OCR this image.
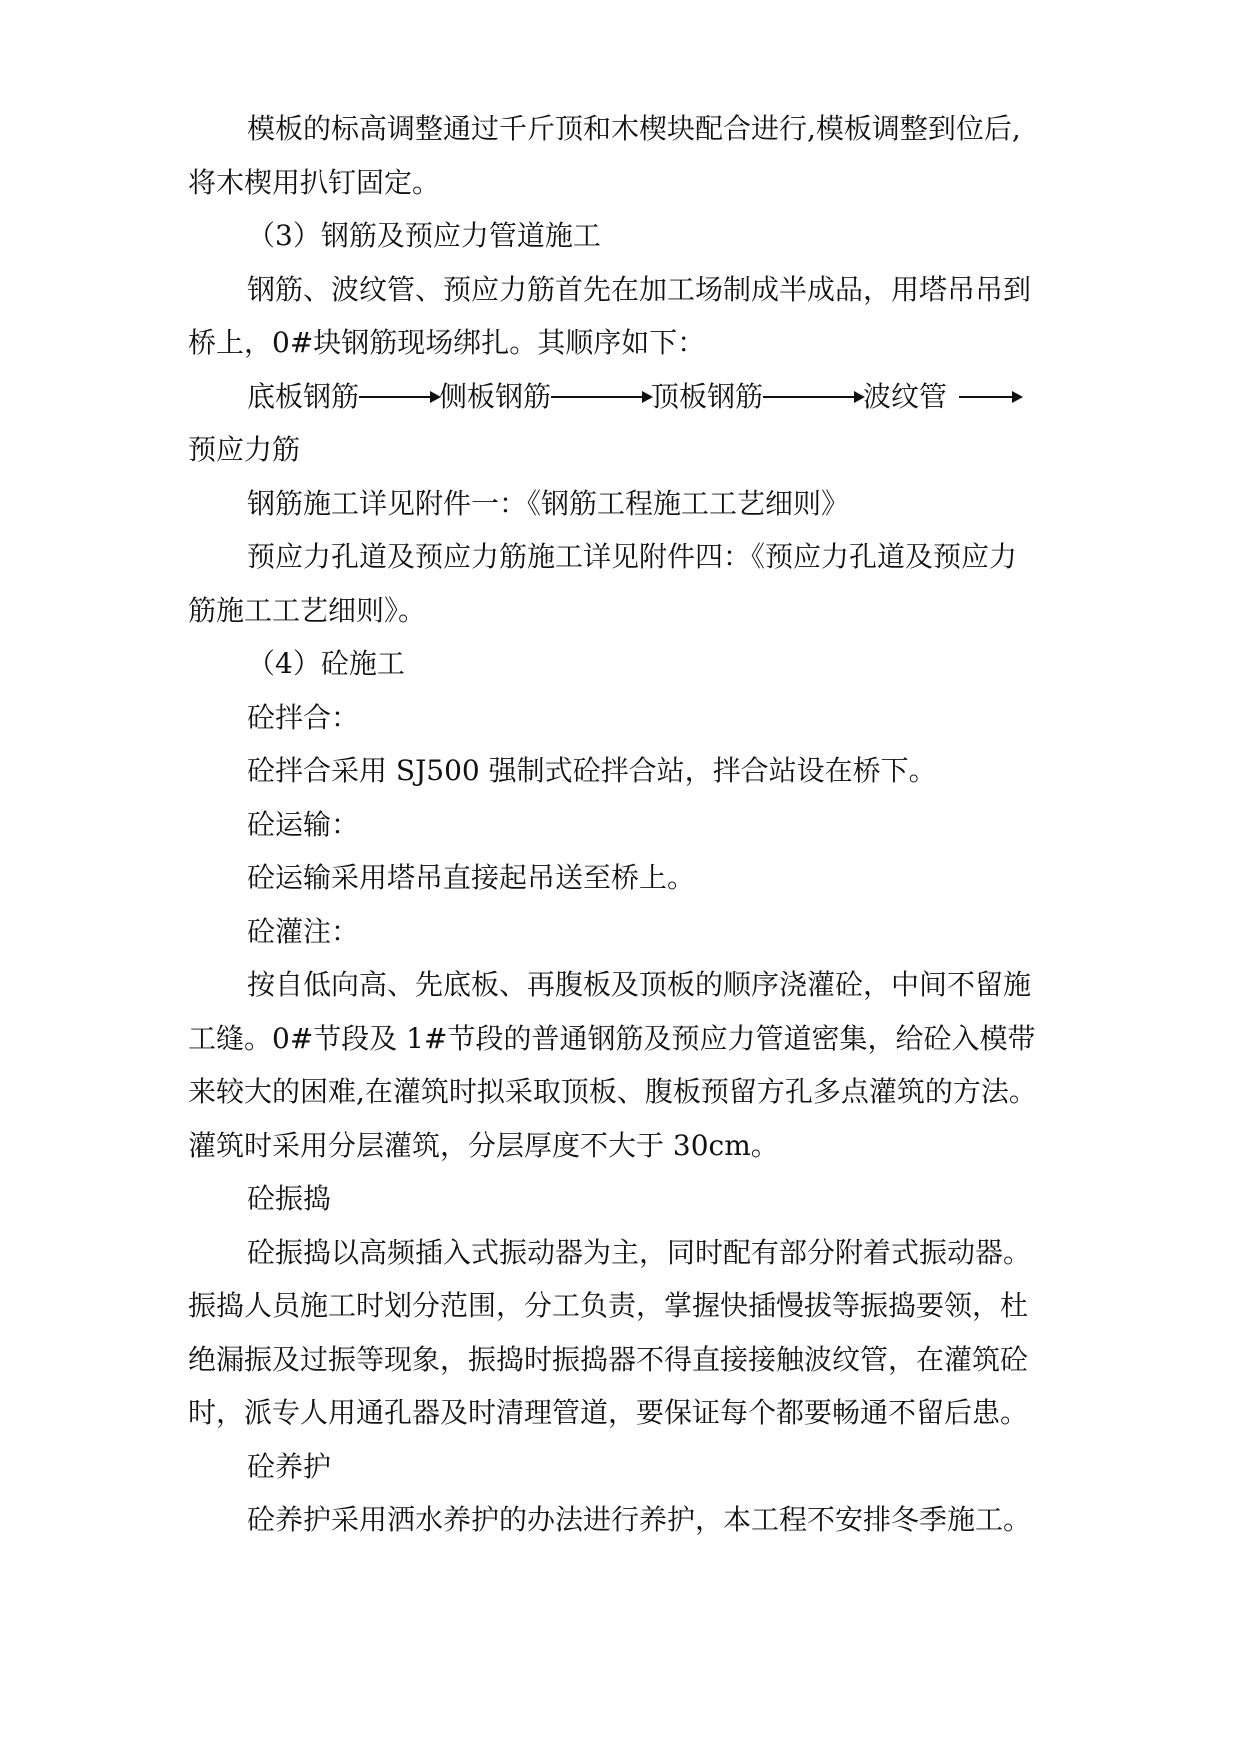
模板的标高调整通过千斤顶和木楔块配合进行,模板调整到位后,
将木楔用扒钉固定。
（3）钢筋及预应力管道施工
钢筋、波纹管、预应力筋首先在加工场制成半成品，用塔吊吊到
桥上，0#块钢筋现场绑扎。其顺序如下：
底板钢筋	侧板钢筋	顶板钢筋	波纹管
预应力筋
钢筋施工详见附件一：《钢筋工程施工工艺细则》
预应力孔道及预应力筋施工详见附件四：《预应力孔道及预应力
筋施工工艺细则》。
（4）砼施工
砼拌合：
砼拌合采用 SJ500 强制式砼拌合站，拌合站设在桥下。
砼运输：
砼运输采用塔吊直接起吊送至桥上。
砼灌注：
按自低向高、先底板、再腹板及顶板的顺序浇灌砼，中间不留施
工缝。0#节段及 1#节段的普通钢筋及预应力管道密集，给砼入模带
来较大的困难,在灌筑时拟采取顶板、腹板预留方孔多点灌筑的方法。
灌筑时采用分层灌筑，分层厚度不大于 30cm。
砼振捣
砼振捣以高频插入式振动器为主，同时配有部分附着式振动器。
振捣人员施工时划分范围，分工负责，掌握快插慢拔等振捣要领，杜
绝漏振及过振等现象，振捣时振捣器不得直接接触波纹管，在灌筑砼
时，派专人用通孔器及时清理管道，要保证每个都要畅通不留后患。
砼养护
砼养护采用洒水养护的办法进行养护，本工程不安排冬季施工。
